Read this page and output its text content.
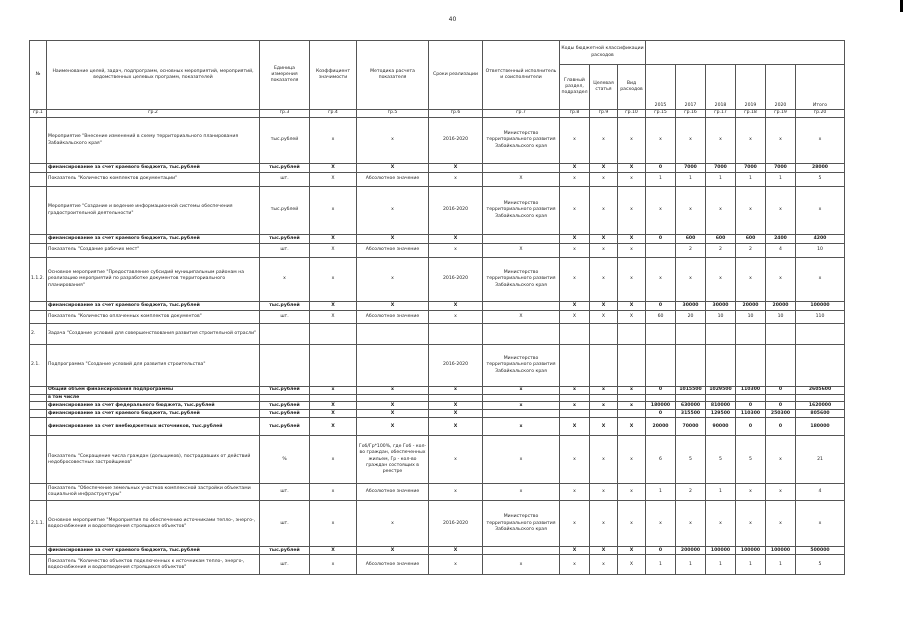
40
№	Наименование целей, задач, подпрограмм, основных мероприятий, мероприятий, ведомственных целевых программ, показателей	Единица измерения показателя	Коэффициент значимости	Методика расчета показателя	Сроки реализации	Ответственный исполнитель и соисполнители	Коды бюджетной классификации расходов								
							Главный раздел, подраздел	Целевая статья	Вид расходов	2015	2017	2018	2019	2020	Итого
гр.1	гр.2	гр.3	гр.4	гр.5	гр.6	гр.7	гр.8	гр.9	гр.10	гр.15	гр.16	гр.17	гр.18	гр.19	гр.20
	Мероприятие "Внесение изменений в схему территориального планирования Забайкальского края"	тыс.рублей	х	х	2016-2020	Министерство территориального развития Забайкальского края	х	х	х	х	х	х	х	х	х
	финансирование за счет краевого бюджета, тыс.рублей	тыс.рублей	Х	Х	Х		Х	Х	Х	0	7000	7000	7000	7000	28000
	Показатель "Количество комплектов документации"	шт.	Х	Абсолютное значение	х	Х	х	х	х	1	1	1	1	1	5
	Мероприятие "Создание и ведение информационной системы обеспечения градостроительной деятельности"	тыс.рублей	х	х	2016-2020	Министерство территориального развития Забайкальского края	х	х	х	х	х	х	х	х	х
	финансирование за счет краевого бюджета, тыс.рублей	тыс.рублей	Х	Х	Х		Х	Х	Х	0	600	600	600	2400	4200
	Показатель "Создание рабочих мест"	шт.	Х	Абсолютное значение	х	Х	х	х	х		2	2	2	4	10
1.1.2.	Основное мероприятие "Предоставление субсидий муниципальным районам на реализацию мероприятий по разработке документов территориального планирования"	х	х	х	2016-2020	Министерство территориального развития Забайкальского края	х	х	х	х	х	х	х	х	х
	финансирование за счет краевого бюджета, тыс.рублей	тыс.рублей	Х	Х	Х		Х	Х	Х	0	30000	30000	20000	20000	100000
	Показатель "Количество оплаченных комплектов документов"	шт.	Х	Абсолютное значение	х	Х	Х	Х	Х	60	20	10	10	10	110
2.	Задача "Создание условий для совершенствования развития строительной отрасли"														
2.1.	Подпрограмма "Создание условий для развития строительства"				2016-2020	Министерство территориального развития Забайкальского края									
	Общий объем финансирования подпрограммы	тыс.рублей	х	х	х	х	х	х	х	0	1015500	1029500	110300	0	2605600
	в том числе														
	финансирование за счет федерального бюджета, тыс.рублей	тыс.рублей	Х	Х	Х	х	х	х	х	180000	630000	810000	0	0	1620000
	финансирование за счет краевого бюджета, тыс.рублей	тыс.рублей	Х	Х	Х					0	315500	129500	110300	250300	805600
	финансирование за счет внебюджетных источников, тыс.рублей	тыс.рублей	Х	Х	Х	х	Х	Х	Х	20000	70000	90000	0	0	180000
	Показатель "Сокращение числа граждан (дольщиков), пострадавших от действий недобросовестных застройщиков"	%	х	Гоб/Гр*100%, где Гоб - кол-во граждан, обеспеченных жильем, Гр - кол-во граждан состоящих в реестре	х	х	х	х	х	6	5	5	5	х	21
	Показатель "Обеспечение земельных участков комплексной застройки объектами социальной инфраструктуры"	шт.	х	Абсолютное значение	х	х	х	х	х	1	2	1	х	х	4
2.1.1.	Основное мероприятие "Мероприятия по обеспечению источниками тепло-, энерго-, водоснабжения и водоотведения строящихся объектов"	шт.	х	х	2016-2020	Министерство территориального развития Забайкальского края	х	х	х	х	х	х	х	х	х
	финансирование за счет краевого бюджета, тыс.рублей	тыс.рублей	Х	Х	Х		Х	Х	Х	0	200000	100000	100000	100000	500000
	Показатель "Количество объектов подключенных к источникам тепло-, энерго-, водоснабжения и водоотведения строящихся объектов"	шт.	х	Абсолютное значение	х	х	х	х	Х	1	1	1	1	1	5
